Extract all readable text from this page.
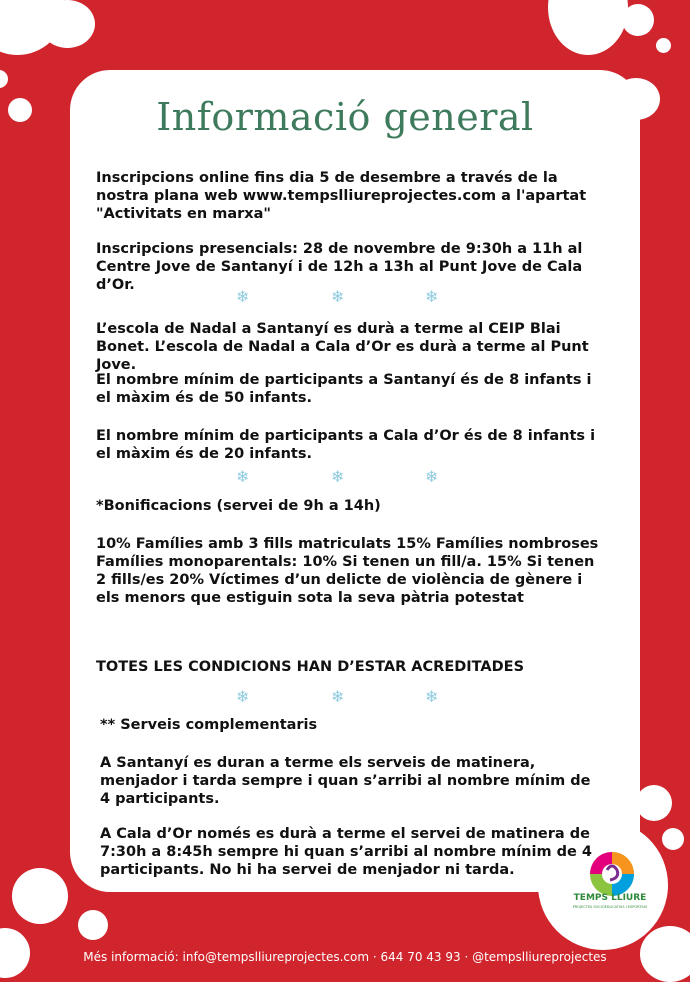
Informació general
Inscripcions online fins dia 5 de desembre a través de la nostra plana web www.tempslliureprojectes.com a l'apartat "Activitats en marxa"
Inscripcions presencials: 28 de novembre de 9:30h a 11h al Centre Jove de Santanyí i de 12h a 13h al Punt Jove de Cala d’Or.
❄	❄	❄
L’escola de Nadal a Santanyí es durà a terme al CEIP Blai Bonet. L’escola de Nadal a Cala d’Or es durà a terme al Punt Jove.
El nombre mínim de participants a Santanyí és de 8 infants i el màxim és de 50 infants.
El nombre mínim de participants a Cala d’Or és de 8 infants i el màxim és de 20 infants.
❄	❄	❄
*Bonificacions (servei de 9h a 14h)
10% Famílies amb 3 fills matriculats 15% Famílies nombroses Famílies monoparentals: 10% Si tenen un fill/a. 15% Si tenen 2 fills/es 20% Víctimes d’un delicte de violència de gènere i els menors que estiguin sota la seva pàtria potestat
TOTES LES CONDICIONS HAN D’ESTAR ACREDITADES
❄	❄	❄
** Serveis complementaris
A Santanyí es duran a terme els serveis de matinera, menjador i tarda sempre i quan s’arribi al nombre mínim de 4 participants.
A Cala d’Or només es durà a terme el servei de matinera de 7:30h a 8:45h sempre hi quan s’arribi al nombre mínim de 4 participants. No hi ha servei de menjador ni tarda.
TEMPS LLIURE
PROJECTES SOCIOEDUCATIUS I ESPORTIUS
Més informació: info@tempslliureprojectes.com · 644 70 43 93 · @tempslliureprojectes
